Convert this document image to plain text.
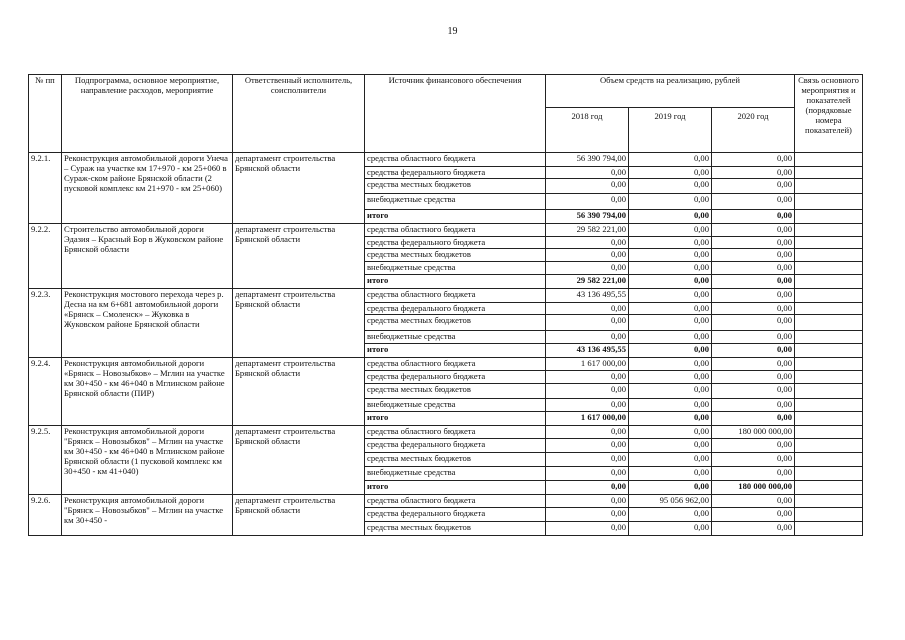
19
№ пп	Подпрограмма, основное мероприятие, направление расходов, мероприятие	Ответственный исполнитель, соисполнители	Источник финансового обеспечения	Объем средств на реализацию, рублей			Связь основного мероприятия и показателей (порядковые номера показателей)
				2018 год	2019 год	2020 год	
9.2.1.	Реконструкция автомобильной дороги Унеча – Сураж на участке км 17+970 - км 25+060 в Сураж-ском районе Брянской области (2 пусковой комплекс км 21+970 - км 25+060)	департамент строительства Брянской области	средства областного бюджета	56 390 794,00	0,00	0,00	
			средства федерального бюджета	0,00	0,00	0,00	
			средства местных бюджетов	0,00	0,00	0,00	
			внебюджетные средства	0,00	0,00	0,00	
			итого	56 390 794,00	0,00	0,00	
9.2.2.	Строительство автомобильной дороги Эдазия – Красный Бор в Жуковском районе Брянской области	департамент строительства Брянской области	средства областного бюджета	29 582 221,00	0,00	0,00	
			средства федерального бюджета	0,00	0,00	0,00	
			средства местных бюджетов	0,00	0,00	0,00	
			внебюджетные средства	0,00	0,00	0,00	
			итого	29 582 221,00	0,00	0,00	
9.2.3.	Реконструкция мостового перехода через р. Десна на км 6+681 автомобильной дороги «Брянск – Смоленск» – Жуковка в Жуковском районе Брянской области	департамент строительства Брянской области	средства областного бюджета	43 136 495,55	0,00	0,00	
			средства федерального бюджета	0,00	0,00	0,00	
			средства местных бюджетов	0,00	0,00	0,00	
			внебюджетные средства	0,00	0,00	0,00	
			итого	43 136 495,55	0,00	0,00	
9.2.4.	Реконструкция автомобильной дороги «Брянск – Новозыбков» – Мглин на участке км 30+450 - км 46+040 в Мглинском районе Брянской области (ПИР)	департамент строительства Брянской области	средства областного бюджета	1 617 000,00	0,00	0,00	
			средства федерального бюджета	0,00	0,00	0,00	
			средства местных бюджетов	0,00	0,00	0,00	
			внебюджетные средства	0,00	0,00	0,00	
			итого	1 617 000,00	0,00	0,00	
9.2.5.	Реконструкция автомобильной дороги "Брянск – Новозыбков" – Мглин на участке км 30+450 - км 46+040 в Мглинском районе Брянской области (1 пусковой комплекс км 30+450 - км 41+040)	департамент строительства Брянской области	средства областного бюджета	0,00	0,00	180 000 000,00	
			средства федерального бюджета	0,00	0,00	0,00	
			средства местных бюджетов	0,00	0,00	0,00	
			внебюджетные средства	0,00	0,00	0,00	
			итого	0,00	0,00	180 000 000,00	
9.2.6.	Реконструкция автомобильной дороги "Брянск – Новозыбков" – Мглин на участке км 30+450 -	департамент строительства Брянской области	средства областного бюджета	0,00	95 056 962,00	0,00	
			средства федерального бюджета	0,00	0,00	0,00	
			средства местных бюджетов	0,00	0,00	0,00	
